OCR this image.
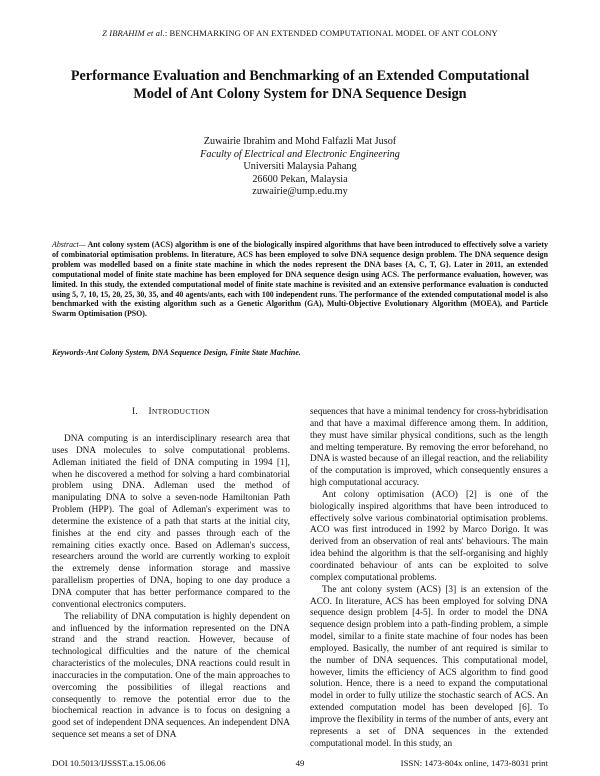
Z IBRAHIM et al.: BENCHMARKING OF AN EXTENDED COMPUTATIONAL MODEL OF ANT COLONY
Performance Evaluation and Benchmarking of an Extended Computational Model of Ant Colony System for DNA Sequence Design
Zuwairie Ibrahim and Mohd Falfazli Mat Jusof
Faculty of Electrical and Electronic Engineering
Universiti Malaysia Pahang
26600 Pekan, Malaysia
zuwairie@ump.edu.my
Abstract— Ant colony system (ACS) algorithm is one of the biologically inspired algorithms that have been introduced to effectively solve a variety of combinatorial optimisation problems. In literature, ACS has been employed to solve DNA sequence design problem. The DNA sequence design problem was modelled based on a finite state machine in which the nodes represent the DNA bases {A, C, T, G}. Later in 2011, an extended computational model of finite state machine has been employed for DNA sequence design using ACS. The performance evaluation, however, was limited. In this study, the extended computational model of finite state machine is revisited and an extensive performance evaluation is conducted using 5, 7, 10, 15, 20, 25, 30, 35, and 40 agents/ants, each with 100 independent runs. The performance of the extended computational model is also benchmarked with the existing algorithm such as a Genetic Algorithm (GA), Multi-Objective Evolutionary Algorithm (MOEA), and Particle Swarm Optimisation (PSO).
Keywords-Ant Colony System, DNA Sequence Design, Finite State Machine.
I. INTRODUCTION

DNA computing is an interdisciplinary research area that uses DNA molecules to solve computational problems. Adleman initiated the field of DNA computing in 1994 [1], when he discovered a method for solving a hard combinatorial problem using DNA. Adleman used the method of manipulating DNA to solve a seven-node Hamiltonian Path Problem (HPP). The goal of Adleman's experiment was to determine the existence of a path that starts at the initial city, finishes at the end city and passes through each of the remaining cities exactly once. Based on Adleman's success, researchers around the world are currently working to exploit the extremely dense information storage and massive parallelism properties of DNA, hoping to one day produce a DNA computer that has better performance compared to the conventional electronics computers.

The reliability of DNA computation is highly dependent on and influenced by the information represented on the DNA strand and the strand reaction. However, because of technological difficulties and the nature of the chemical characteristics of the molecules, DNA reactions could result in inaccuracies in the computation. One of the main approaches to overcoming the possibilities of illegal reactions and consequently to remove the potential error due to the biochemical reaction in advance is to focus on designing a good set of independent DNA sequences. An independent DNA sequence set means a set of DNA

sequences that have a minimal tendency for cross-hybridisation and that have a maximal difference among them. In addition, they must have similar physical conditions, such as the length and melting temperature. By removing the error beforehand, no DNA is wasted because of an illegal reaction, and the reliability of the computation is improved, which consequently ensures a high computational accuracy.

Ant colony optimisation (ACO) [2] is one of the biologically inspired algorithms that have been introduced to effectively solve various combinatorial optimisation problems. ACO was first introduced in 1992 by Marco Dorigo. It was derived from an observation of real ants' behaviours. The main idea behind the algorithm is that the self-organising and highly coordinated behaviour of ants can be exploited to solve complex computational problems.

The ant colony system (ACS) [3] is an extension of the ACO. In literature, ACS has been employed for solving DNA sequence design problem [4-5]. In order to model the DNA sequence design problem into a path-finding problem, a simple model, similar to a finite state machine of four nodes has been employed. Basically, the number of ant required is similar to the number of DNA sequences. This computational model, however, limits the efficiency of ACS algorithm to find good solution. Hence, there is a need to expand the computational model in order to fully utilize the stochastic search of ACS. An extended computation model has been developed [6]. To improve the flexibility in terms of the number of ants, every ant represents a set of DNA sequences in the extended computational model. In this study, an

DOI 10.5013/IJSSST.a.15.06.06	49	ISSN: 1473-804x online, 1473-8031 print
